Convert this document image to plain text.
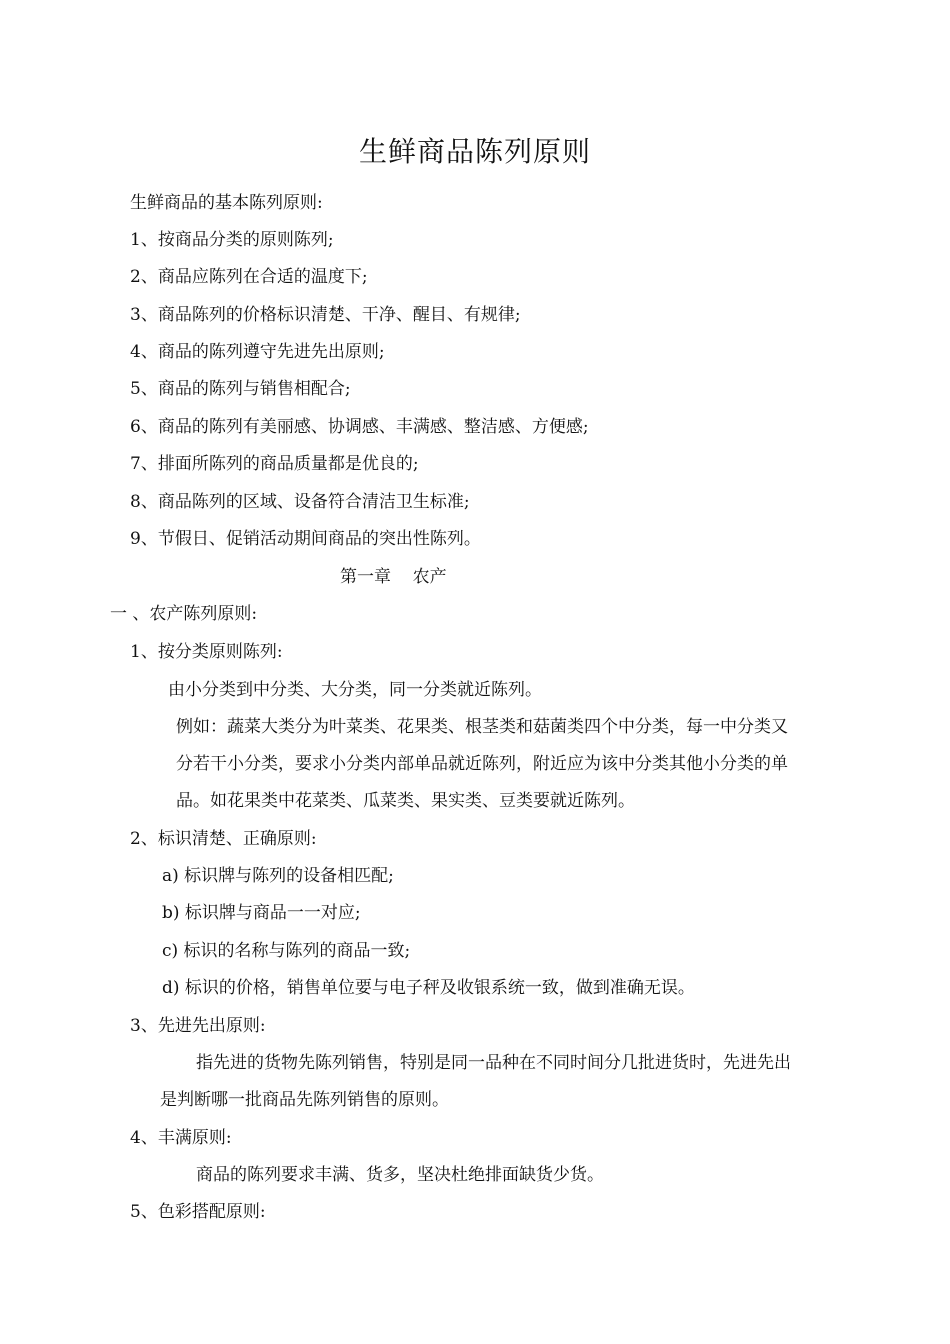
生鲜商品陈列原则
生鲜商品的基本陈列原则:
1、按商品分类的原则陈列;
2、商品应陈列在合适的温度下;
3、商品陈列的价格标识清楚、干净、醒目、有规律;
4、商品的陈列遵守先进先出原则;
5、商品的陈列与销售相配合;
6、商品的陈列有美丽感、协调感、丰满感、整洁感、方便感;
7、排面所陈列的商品质量都是优良的;
8、商品陈列的区域、设备符合清洁卫生标准;
9、节假日、促销活动期间商品的突出性陈列。
第一章    农产
一 、农产陈列原则:
1、按分类原则陈列:
由小分类到中分类、大分类，同一分类就近陈列。
例如：蔬菜大类分为叶菜类、花果类、根茎类和菇菌类四个中分类，每一中分类又
分若干小分类，要求小分类内部单品就近陈列，附近应为该中分类其他小分类的单
品。如花果类中花菜类、瓜菜类、果实类、豆类要就近陈列。
2、标识清楚、正确原则:
a) 标识牌与陈列的设备相匹配;
b) 标识牌与商品一一对应;
c) 标识的名称与陈列的商品一致;
d) 标识的价格，销售单位要与电子秤及收银系统一致，做到准确无误。
3、先进先出原则:
指先进的货物先陈列销售，特别是同一品种在不同时间分几批进货时，先进先出
是判断哪一批商品先陈列销售的原则。
4、丰满原则:
商品的陈列要求丰满、货多，坚决杜绝排面缺货少货。
5、色彩搭配原则:
